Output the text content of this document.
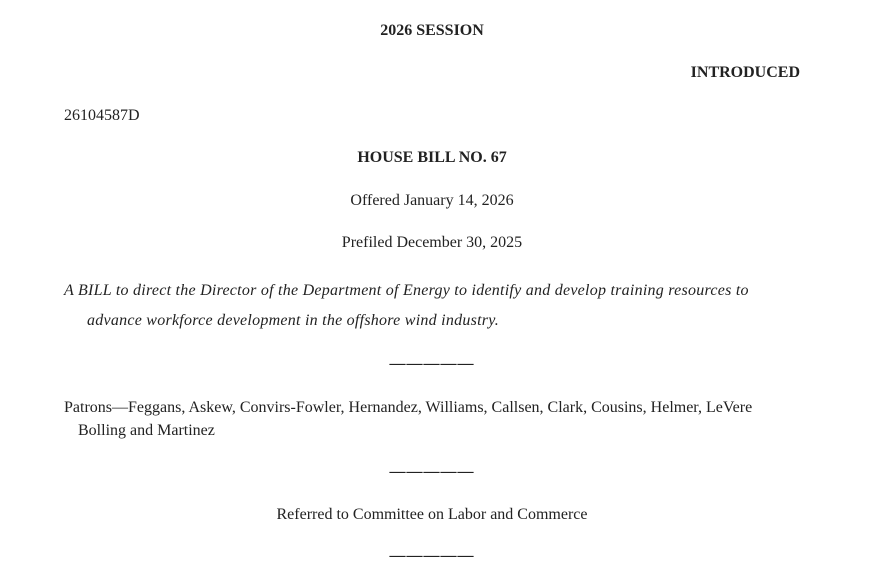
2026 SESSION
INTRODUCED
26104587D
HOUSE BILL NO. 67
Offered January 14, 2026
Prefiled December 30, 2025
A BILL to direct the Director of the Department of Energy to identify and develop training resources to
advance workforce development in the offshore wind industry.
—————
Patrons—Feggans, Askew, Convirs-Fowler, Hernandez, Williams, Callsen, Clark, Cousins, Helmer, LeVere
Bolling and Martinez
—————
Referred to Committee on Labor and Commerce
—————
